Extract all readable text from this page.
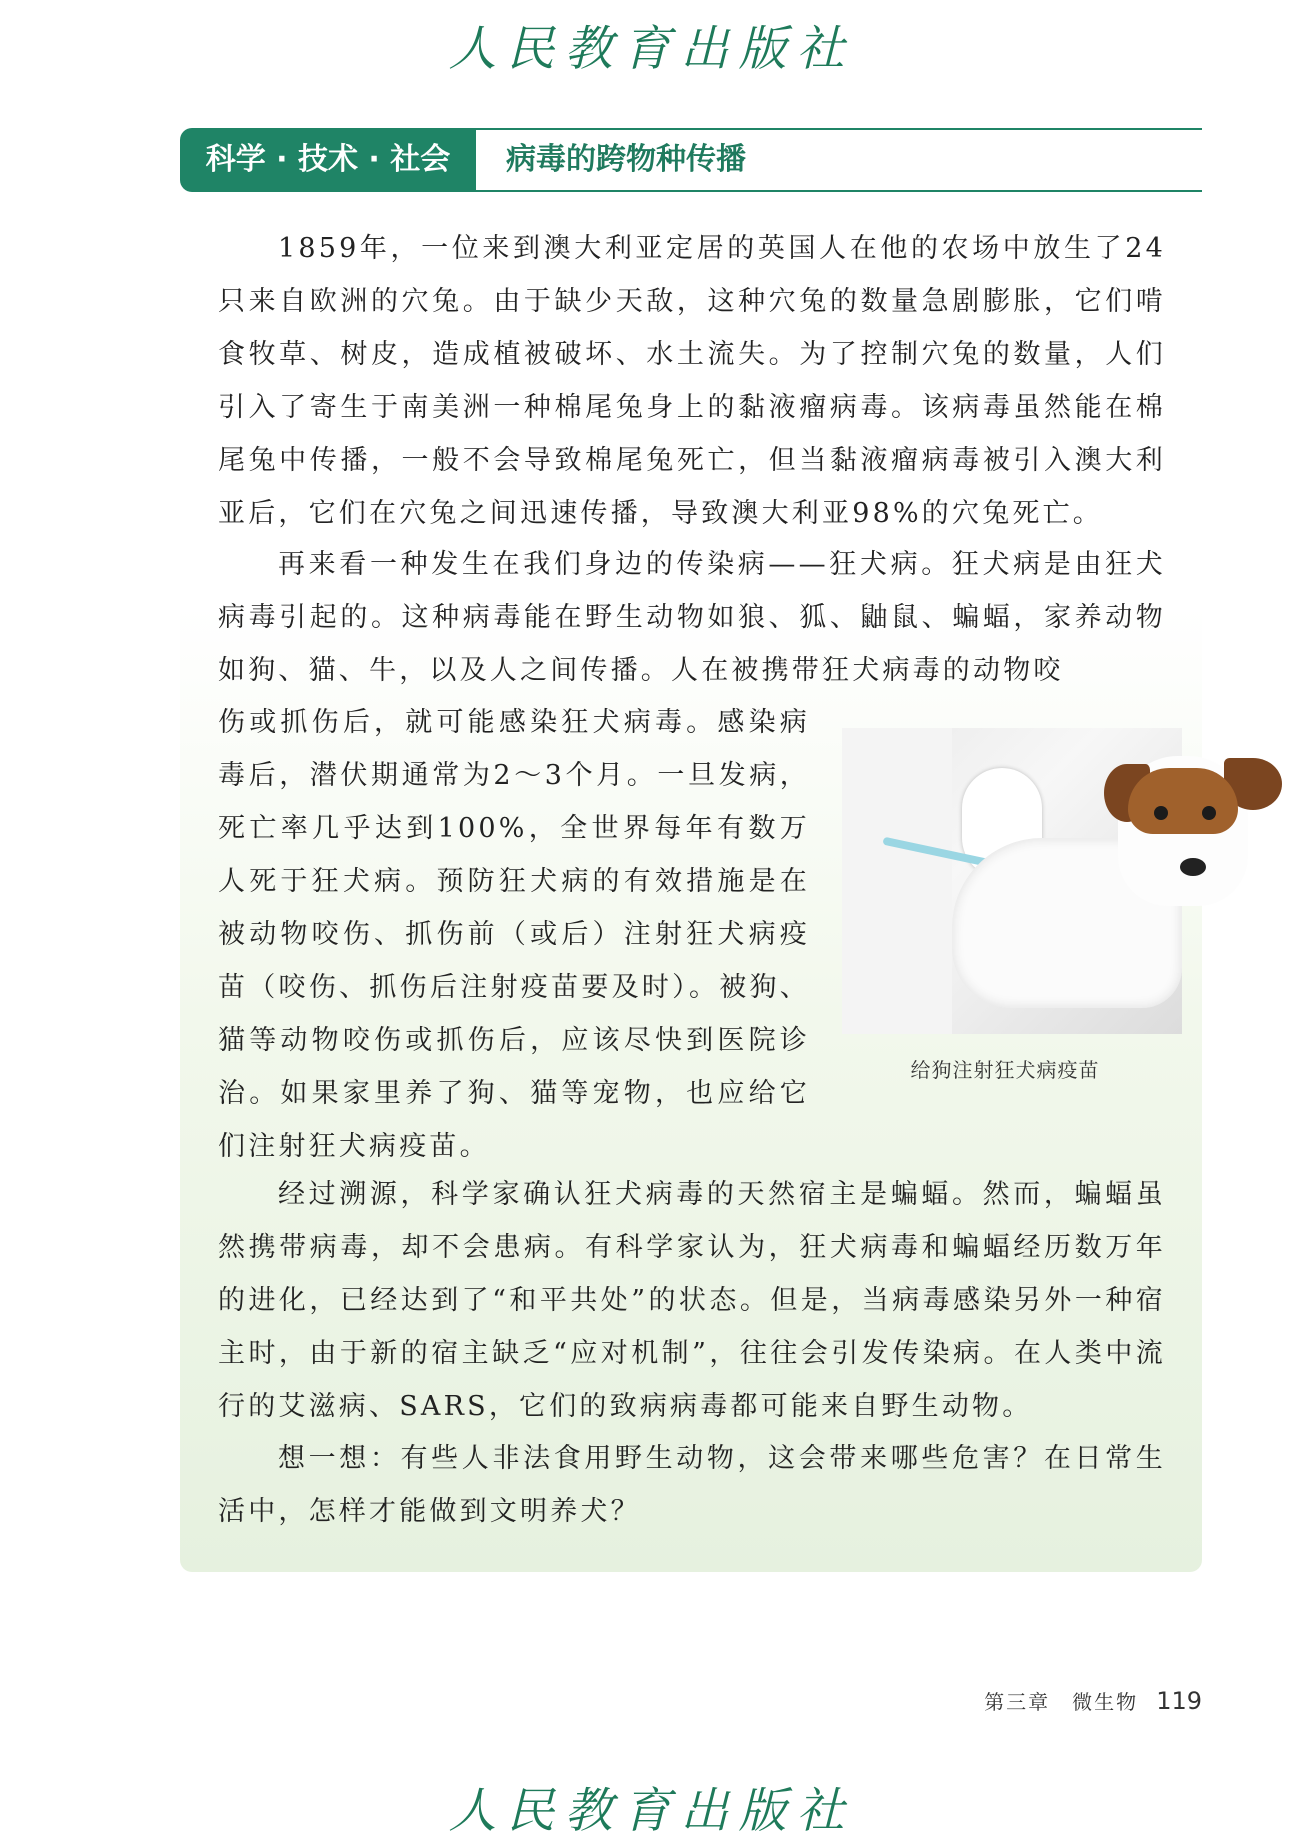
人民教育出版社
科学 · 技术 · 社会	病毒的跨物种传播

1859年，一位来到澳大利亚定居的英国人在他的农场中放生了24只来自欧洲的穴兔。由于缺少天敌，这种穴兔的数量急剧膨胀，它们啃食牧草、树皮，造成植被破坏、水土流失。为了控制穴兔的数量，人们引入了寄生于南美洲一种棉尾兔身上的黏液瘤病毒。该病毒虽然能在棉尾兔中传播，一般不会导致棉尾兔死亡，但当黏液瘤病毒被引入澳大利亚后，它们在穴兔之间迅速传播，导致澳大利亚98%的穴兔死亡。

再来看一种发生在我们身边的传染病——狂犬病。狂犬病是由狂犬病毒引起的。这种病毒能在野生动物如狼、狐、鼬鼠、蝙蝠，家养动物如狗、猫、牛，以及人之间传播。人在被携带狂犬病毒的动物咬

伤或抓伤后，就可能感染狂犬病毒。感染病毒后，潜伏期通常为2～3个月。一旦发病，死亡率几乎达到100%，全世界每年有数万人死于狂犬病。预防狂犬病的有效措施是在被动物咬伤、抓伤前（或后）注射狂犬病疫苗（咬伤、抓伤后注射疫苗要及时）。被狗、猫等动物咬伤或抓伤后，应该尽快到医院诊治。如果家里养了狗、猫等宠物，也应给它们注射狂犬病疫苗。

给狗注射狂犬病疫苗

经过溯源，科学家确认狂犬病毒的天然宿主是蝙蝠。然而，蝙蝠虽然携带病毒，却不会患病。有科学家认为，狂犬病毒和蝙蝠经历数万年的进化，已经达到了“和平共处”的状态。但是，当病毒感染另外一种宿主时，由于新的宿主缺乏“应对机制”，往往会引发传染病。在人类中流行的艾滋病、SARS，它们的致病病毒都可能来自野生动物。

想一想：有些人非法食用野生动物，这会带来哪些危害？在日常生活中，怎样才能做到文明养犬？

第三章　微生物 119
人民教育出版社
